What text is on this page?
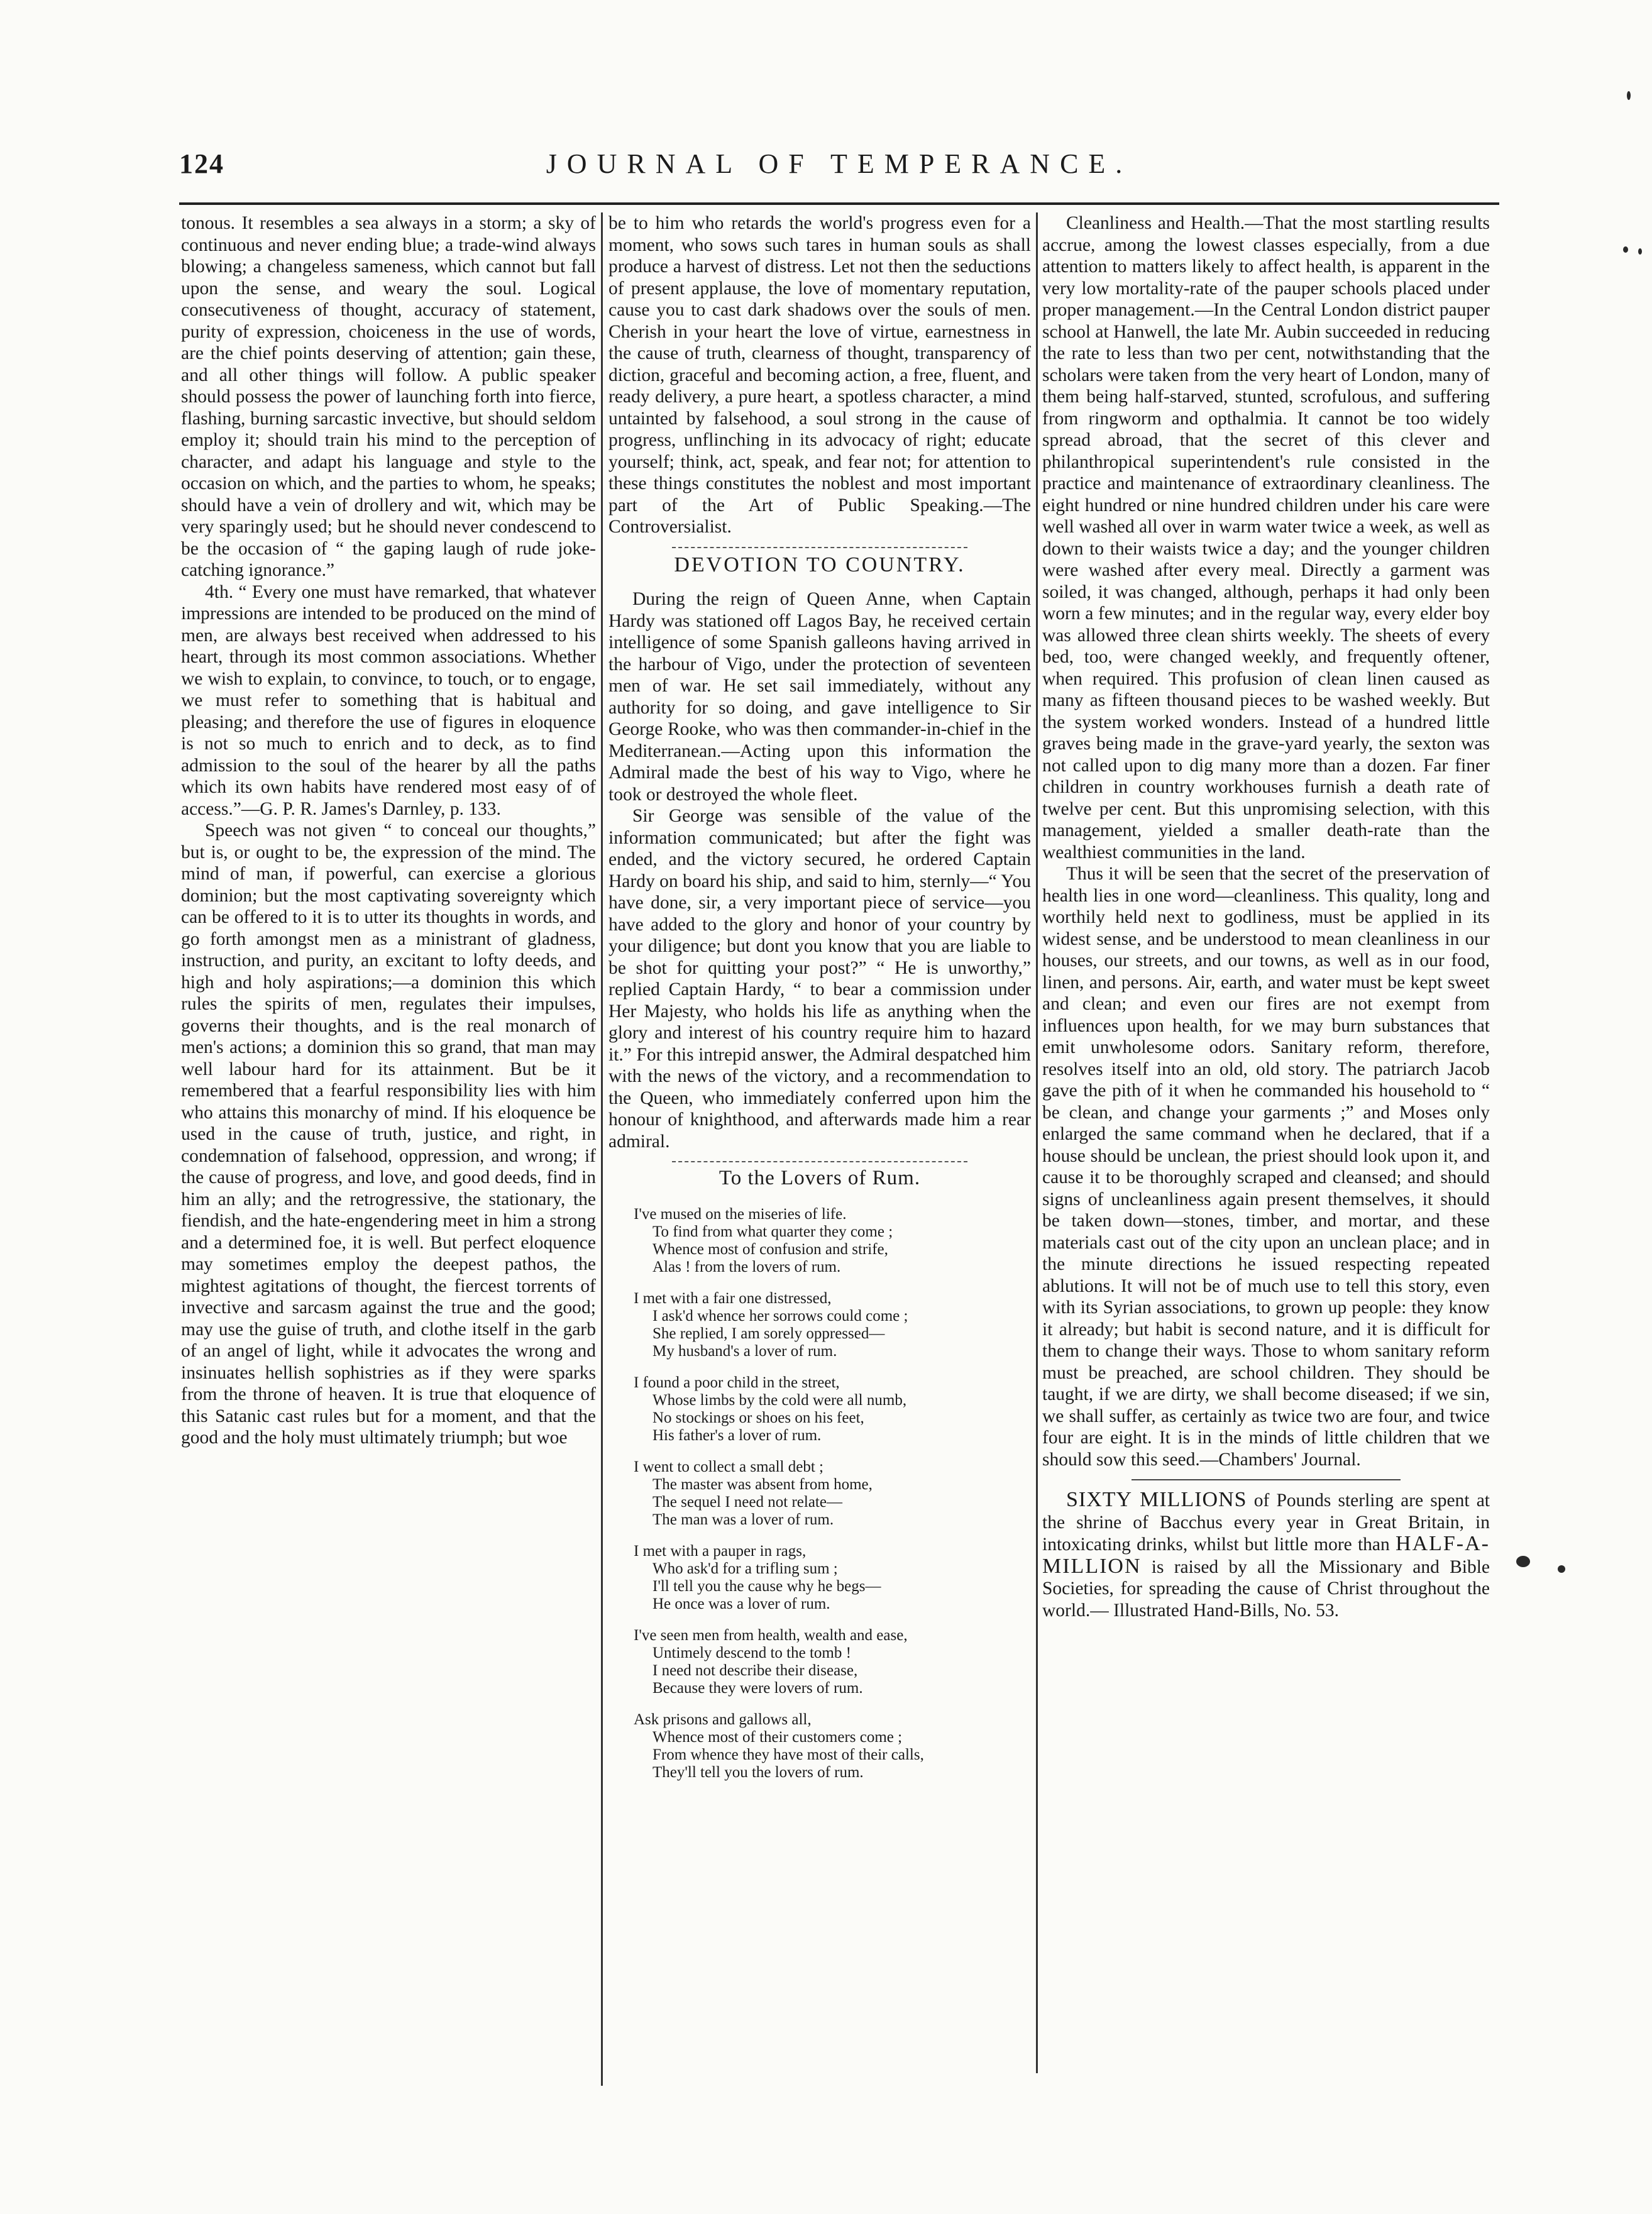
124	JOURNAL OF TEMPERANCE.

tonous. It resembles a sea always in a storm; a sky of continuous and never ending blue; a trade-wind always blowing; a changeless sameness, which cannot but fall upon the sense, and weary the soul. Logical consecutiveness of thought, accuracy of statement, purity of expression, choiceness in the use of words, are the chief points deserving of attention; gain these, and all other things will follow. A public speaker should possess the power of launching forth into fierce, flashing, burning sarcastic invective, but should seldom employ it; should train his mind to the perception of character, and adapt his language and style to the occasion on which, and the parties to whom, he speaks; should have a vein of drollery and wit, which may be very sparingly used; but he should never condescend to be the occasion of “ the gaping laugh of rude joke-catching ignorance.”

4th. “ Every one must have remarked, that whatever impressions are intended to be produced on the mind of men, are always best received when addressed to his heart, through its most common associations. Whether we wish to explain, to convince, to touch, or to engage, we must refer to something that is habitual and pleasing; and therefore the use of figures in eloquence is not so much to enrich and to deck, as to find admission to the soul of the hearer by all the paths which its own habits have rendered most easy of of access.”—G. P. R. James's Darnley, p. 133.

Speech was not given “ to conceal our thoughts,” but is, or ought to be, the expression of the mind. The mind of man, if powerful, can exercise a glorious dominion; but the most captivating sovereignty which can be offered to it is to utter its thoughts in words, and go forth amongst men as a ministrant of gladness, instruction, and purity, an excitant to lofty deeds, and high and holy aspirations;—a dominion this which rules the spirits of men, regulates their impulses, governs their thoughts, and is the real monarch of men's actions; a dominion this so grand, that man may well labour hard for its attainment. But be it remembered that a fearful responsibility lies with him who attains this monarchy of mind. If his eloquence be used in the cause of truth, justice, and right, in condemnation of falsehood, oppression, and wrong; if the cause of progress, and love, and good deeds, find in him an ally; and the retrogressive, the stationary, the fiendish, and the hate-engendering meet in him a strong and a determined foe, it is well. But perfect eloquence may sometimes employ the deepest pathos, the mightest agitations of thought, the fiercest torrents of invective and sarcasm against the true and the good; may use the guise of truth, and clothe itself in the garb of an angel of light, while it advocates the wrong and insinuates hellish sophistries as if they were sparks from the throne of heaven. It is true that eloquence of this Satanic cast rules but for a moment, and that the good and the holy must ultimately triumph; but woe

be to him who retards the world's progress even for a moment, who sows such tares in human souls as shall produce a harvest of distress. Let not then the seductions of present applause, the love of momentary reputation, cause you to cast dark shadows over the souls of men. Cherish in your heart the love of virtue, earnestness in the cause of truth, clearness of thought, transparency of diction, graceful and becoming action, a free, fluent, and ready delivery, a pure heart, a spotless character, a mind untainted by falsehood, a soul strong in the cause of progress, unflinching in its advocacy of right; educate yourself; think, act, speak, and fear not; for attention to these things constitutes the noblest and most important part of the Art of Public Speaking.—The Controversialist.

DEVOTION TO COUNTRY.

During the reign of Queen Anne, when Captain Hardy was stationed off Lagos Bay, he received certain intelligence of some Spanish galleons having arrived in the harbour of Vigo, under the protection of seventeen men of war. He set sail immediately, without any authority for so doing, and gave intelligence to Sir George Rooke, who was then commander-in-chief in the Mediterranean.—Acting upon this information the Admiral made the best of his way to Vigo, where he took or destroyed the whole fleet.

Sir George was sensible of the value of the information communicated; but after the fight was ended, and the victory secured, he ordered Captain Hardy on board his ship, and said to him, sternly—“ You have done, sir, a very important piece of service—you have added to the glory and honor of your country by your diligence; but dont you know that you are liable to be shot for quitting your post?” “ He is unworthy,” replied Captain Hardy, “ to bear a commission under Her Majesty, who holds his life as anything when the glory and interest of his country require him to hazard it.” For this intrepid answer, the Admiral despatched him with the news of the victory, and a recommendation to the Queen, who immediately conferred upon him the honour of knighthood, and afterwards made him a rear admiral.

To the Lovers of Rum.
I've mused on the miseries of life.
To find from what quarter they come ;
Whence most of confusion and strife,
Alas ! from the lovers of rum.
I met with a fair one distressed,
I ask'd whence her sorrows could come ;
She replied, I am sorely oppressed—
My husband's a lover of rum.
I found a poor child in the street,
Whose limbs by the cold were all numb,
No stockings or shoes on his feet,
His father's a lover of rum.
I went to collect a small debt ;
The master was absent from home,
The sequel I need not relate—
The man was a lover of rum.
I met with a pauper in rags,
Who ask'd for a trifling sum ;
I'll tell you the cause why he begs—
He once was a lover of rum.
I've seen men from health, wealth and ease,
Untimely descend to the tomb !
I need not describe their disease,
Because they were lovers of rum.
Ask prisons and gallows all,
Whence most of their customers come ;
From whence they have most of their calls,
They'll tell you the lovers of rum.

Cleanliness and Health.—That the most startling results accrue, among the lowest classes especially, from a due attention to matters likely to affect health, is apparent in the very low mortality-rate of the pauper schools placed under proper management.—In the Central London district pauper school at Hanwell, the late Mr. Aubin succeeded in reducing the rate to less than two per cent, notwithstanding that the scholars were taken from the very heart of London, many of them being half-starved, stunted, scrofulous, and suffering from ringworm and opthalmia. It cannot be too widely spread abroad, that the secret of this clever and philanthropical superintendent's rule consisted in the practice and maintenance of extraordinary cleanliness. The eight hundred or nine hundred children under his care were well washed all over in warm water twice a week, as well as down to their waists twice a day; and the younger children were washed after every meal. Directly a garment was soiled, it was changed, although, perhaps it had only been worn a few minutes; and in the regular way, every elder boy was allowed three clean shirts weekly. The sheets of every bed, too, were changed weekly, and frequently oftener, when required. This profusion of clean linen caused as many as fifteen thousand pieces to be washed weekly. But the system worked wonders. Instead of a hundred little graves being made in the grave-yard yearly, the sexton was not called upon to dig many more than a dozen. Far finer children in country workhouses furnish a death rate of twelve per cent. But this unpromising selection, with this management, yielded a smaller death-rate than the wealthiest communities in the land.

Thus it will be seen that the secret of the preservation of health lies in one word—cleanliness. This quality, long and worthily held next to godliness, must be applied in its widest sense, and be understood to mean cleanliness in our houses, our streets, and our towns, as well as in our food, linen, and persons. Air, earth, and water must be kept sweet and clean; and even our fires are not exempt from influences upon health, for we may burn substances that emit unwholesome odors. Sanitary reform, therefore, resolves itself into an old, old story. The patriarch Jacob gave the pith of it when he commanded his household to “ be clean, and change your garments ;” and Moses only enlarged the same command when he declared, that if a house should be unclean, the priest should look upon it, and cause it to be thoroughly scraped and cleansed; and should signs of uncleanliness again present themselves, it should be taken down—stones, timber, and mortar, and these materials cast out of the city upon an unclean place; and in the minute directions he issued respecting repeated ablutions. It will not be of much use to tell this story, even with its Syrian associations, to grown up people: they know it already; but habit is second nature, and it is difficult for them to change their ways. Those to whom sanitary reform must be preached, are school children. They should be taught, if we are dirty, we shall become diseased; if we sin, we shall suffer, as certainly as twice two are four, and twice four are eight. It is in the minds of little children that we should sow this seed.—Chambers' Journal.

SIXTY MILLIONS of Pounds sterling are spent at the shrine of Bacchus every year in Great Britain, in intoxicating drinks, whilst but little more than HALF-A-MILLION is raised by all the Missionary and Bible Societies, for spreading the cause of Christ throughout the world.— Illustrated Hand-Bills, No. 53.
